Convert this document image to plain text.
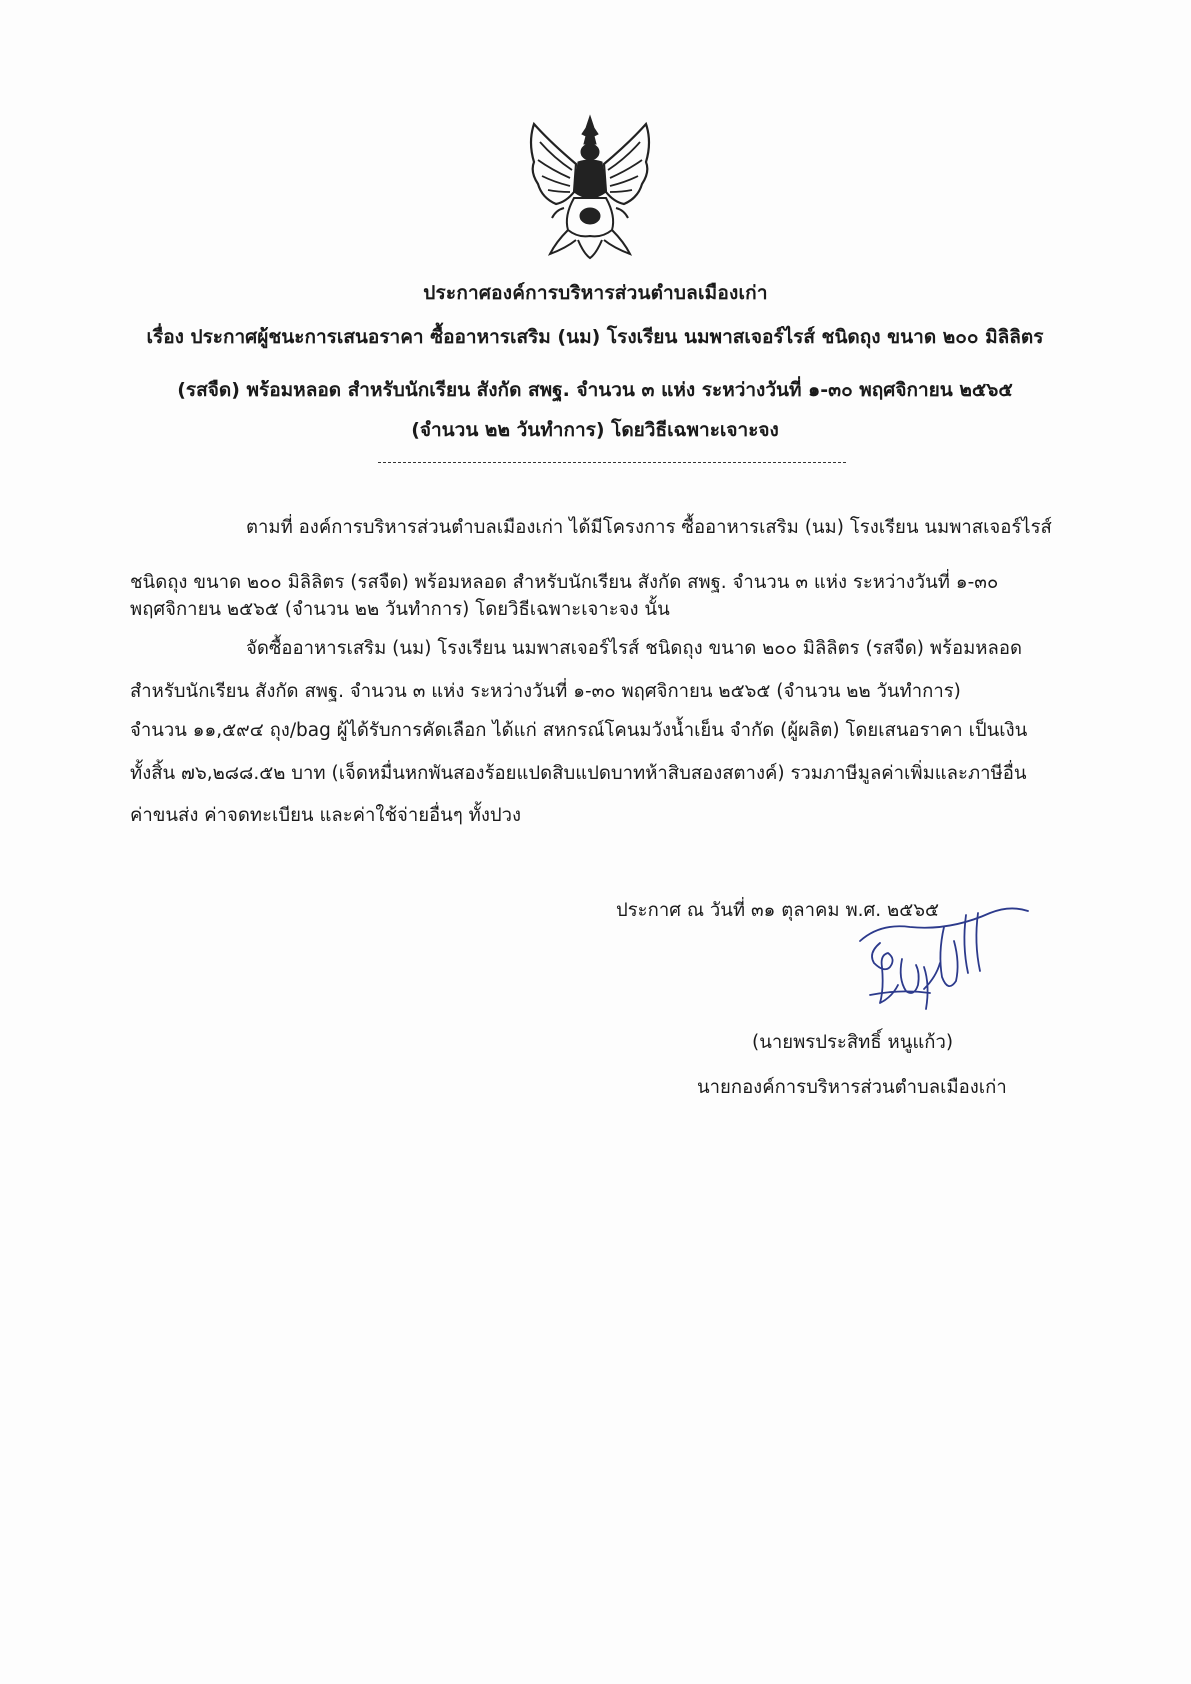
ประกาศองค์การบริหารส่วนตำบลเมืองเก่า
เรื่อง ประกาศผู้ชนะการเสนอราคา ซื้ออาหารเสริม (นม) โรงเรียน นมพาสเจอร์ไรส์ ชนิดถุง ขนาด ๒๐๐ มิลิลิตร
(รสจืด) พร้อมหลอด สำหรับนักเรียน สังกัด สพฐ. จำนวน ๓ แห่ง ระหว่างวันที่ ๑-๓๐ พฤศจิกายน ๒๕๖๕
(จำนวน ๒๒ วันทำการ) โดยวิธีเฉพาะเจาะจง
ตามที่ องค์การบริหารส่วนตำบลเมืองเก่า ได้มีโครงการ ซื้ออาหารเสริม (นม) โรงเรียน นมพาสเจอร์ไรส์
ชนิดถุง ขนาด ๒๐๐ มิลิลิตร (รสจืด) พร้อมหลอด สำหรับนักเรียน สังกัด สพฐ. จำนวน ๓ แห่ง ระหว่างวันที่ ๑-๓๐
พฤศจิกายน ๒๕๖๕ (จำนวน ๒๒ วันทำการ) โดยวิธีเฉพาะเจาะจง นั้น
จัดซื้ออาหารเสริม (นม) โรงเรียน นมพาสเจอร์ไรส์ ชนิดถุง ขนาด ๒๐๐ มิลิลิตร (รสจืด) พร้อมหลอด
สำหรับนักเรียน สังกัด สพฐ. จำนวน ๓ แห่ง ระหว่างวันที่ ๑-๓๐ พฤศจิกายน ๒๕๖๕ (จำนวน ๒๒ วันทำการ)
จำนวน ๑๑,๕๙๔ ถุง/bag ผู้ได้รับการคัดเลือก ได้แก่ สหกรณ์โคนมวังน้ำเย็น จำกัด (ผู้ผลิต) โดยเสนอราคา เป็นเงิน
ทั้งสิ้น ๗๖,๒๘๘.๕๒ บาท (เจ็ดหมื่นหกพันสองร้อยแปดสิบแปดบาทห้าสิบสองสตางค์) รวมภาษีมูลค่าเพิ่มและภาษีอื่น
ค่าขนส่ง ค่าจดทะเบียน และค่าใช้จ่ายอื่นๆ ทั้งปวง
ประกาศ ณ วันที่ ๓๑ ตุลาคม พ.ศ. ๒๕๖๕
(นายพรประสิทธิ์ หนูแก้ว)
นายกองค์การบริหารส่วนตำบลเมืองเก่า
